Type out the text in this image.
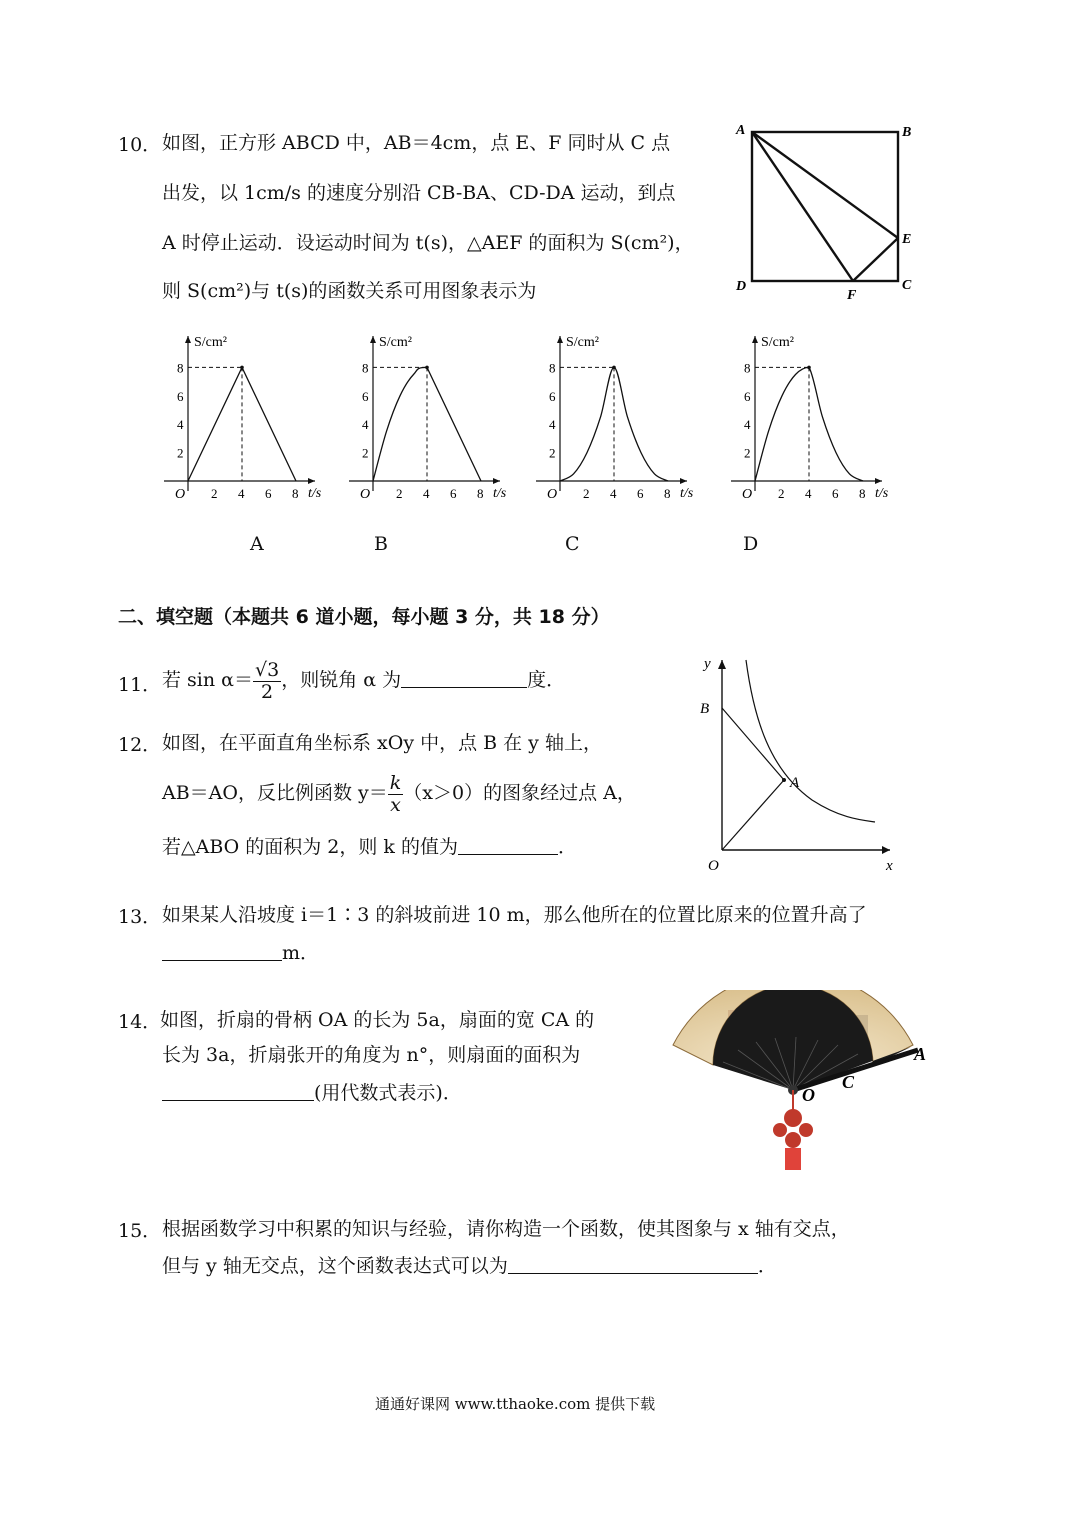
10． 如图，正方形 ABCD 中，AB＝4cm，点 E、F 同时从 C 点
出发，以 1cm/s 的速度分别沿 CB-BA、CD-DA 运动，到点
A 时停止运动．设运动时间为 t(s)，△AEF 的面积为 S(cm²)，
则 S(cm²)与 t(s)的函数关系可用图象表示为
A	B
E
C
D
F
S/cm²
t/s
O
2
2
4
4
6
6
8
8
S/cm²
t/s
O
2
2
4
4
6
6
8
8
S/cm²
t/s
O
2
2
4
4
6
6
8
8
S/cm²
t/s
O
2
2
4
4
6
6
8
8
A	B	C	D
二、填空题（本题共 6 道小题，每小题 3 分，共 18 分）
11． 若 $\sin \alpha= \frac{√3}{2}$ ，则锐角 α 为	度．
12． 如图，在平面直角坐标系 xOy 中，点 B 在 y 轴上，
AB＝AO，反比例函数 $y= \frac{k}{x} (x>0)$的图象经过点 A，
若△ABO 的面积为 2，则 k 的值为	．
y
x
O
B
A
13． 如果某人沿坡度 i＝1∶3 的斜坡前进 10 m，那么他所在的位置比原来的位置升高了
m．
14．
如图，折扇的骨柄 OA 的长为 5a，扇面的宽 CA 的
长为 3a，折扇张开的角度为 n°，则扇面的面积为
(用代数式表示)．
A
C
O
15． 根据函数学习中积累的知识与经验，请你构造一个函数，使其图象与 x 轴有交点，
但与 y 轴无交点，这个函数表达式可以为	．
通通好课网 www.tthaoke.com 提供下载
